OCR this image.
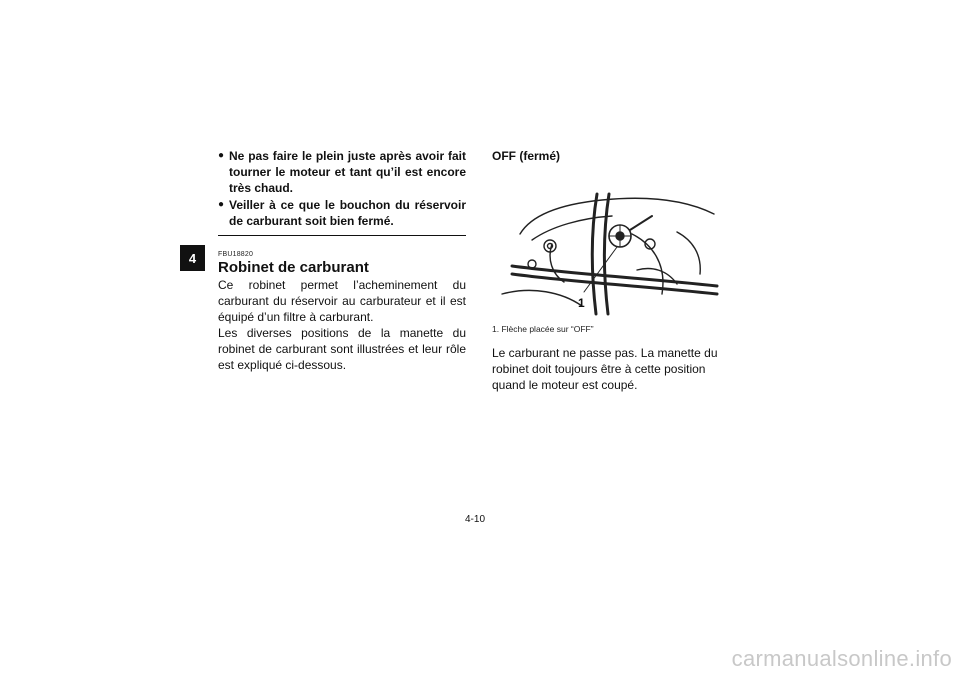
4
● Ne pas faire le plein juste après avoir fait tourner le moteur et tant qu’il est encore très chaud.
● Veiller à ce que le bouchon du réservoir de carburant soit bien fermé.
FBU18820
Robinet de carburant

Ce robinet permet l’acheminement du carburant du réservoir au carburateur et il est équipé d’un filtre à carburant.

Les diverses positions de la manette du robinet de carburant sont illustrées et leur rôle est expliqué ci-dessous.

OFF (fermé)
1
1. Flèche placée sur “OFF”

Le carburant ne passe pas. La manette du robinet doit toujours être à cette position quand le moteur est coupé.

4-10
carmanualsonline.info
